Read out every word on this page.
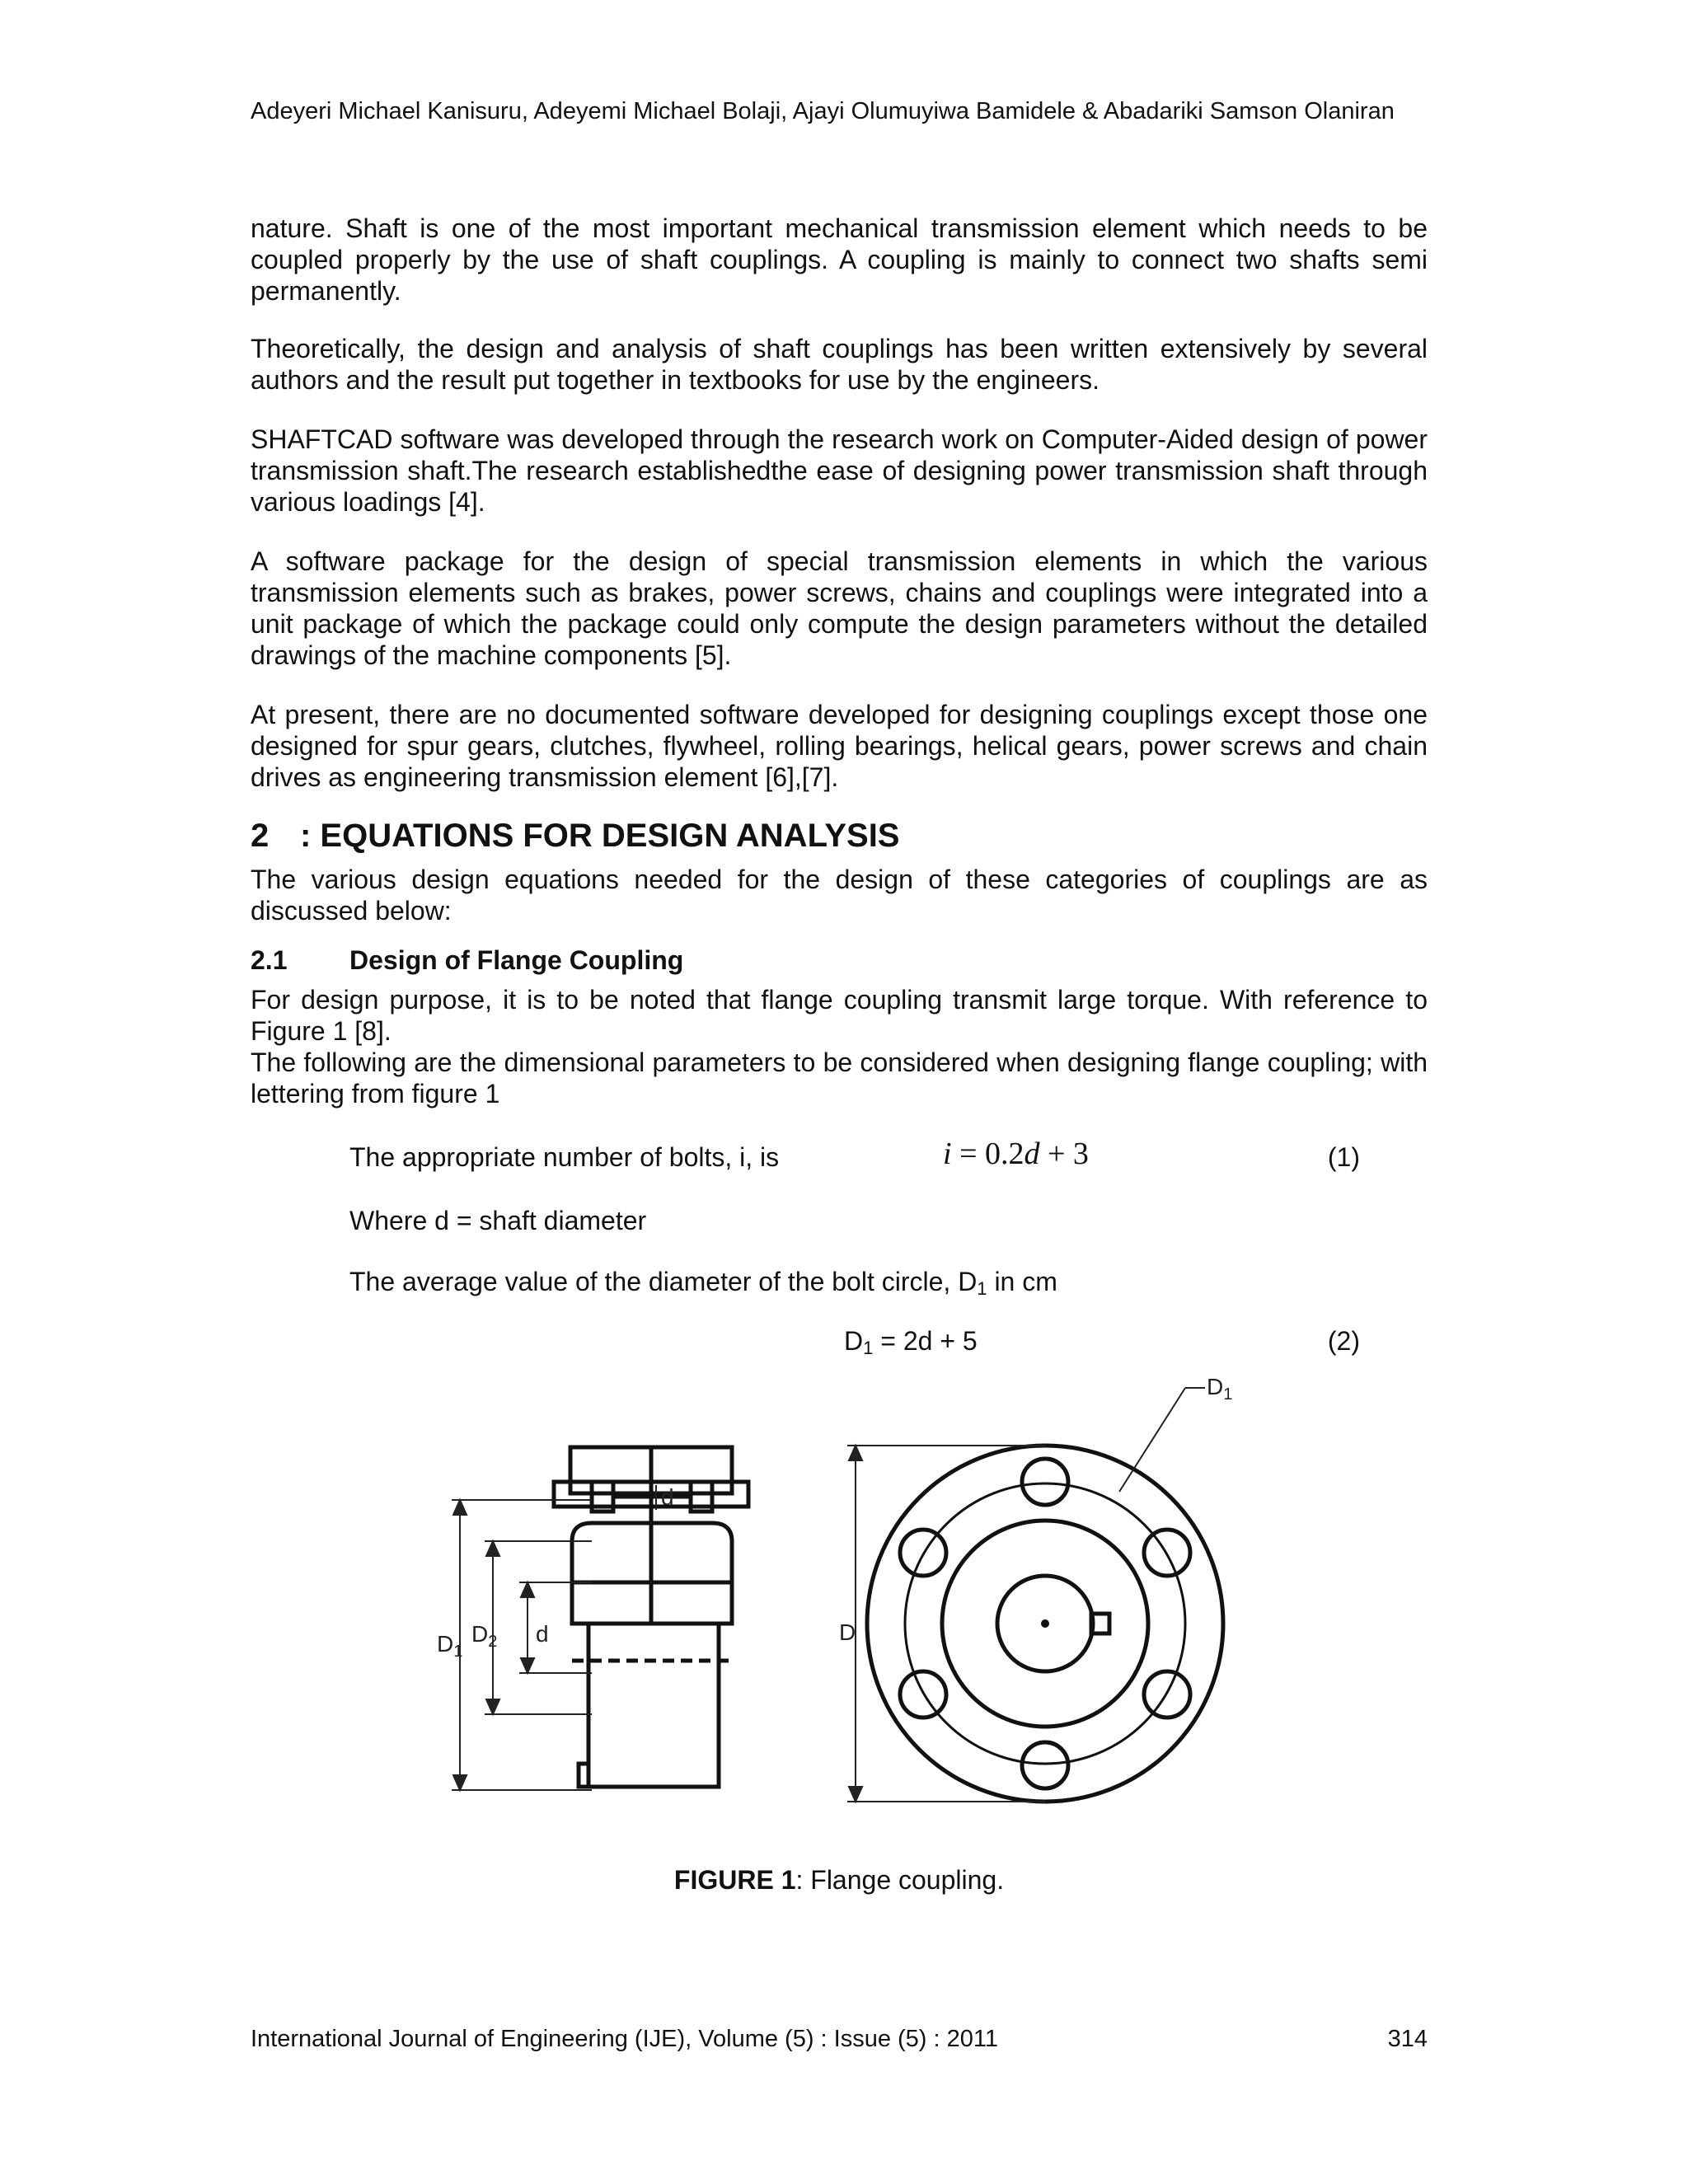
Adeyeri Michael Kanisuru, Adeyemi Michael Bolaji, Ajayi Olumuyiwa Bamidele & Abadariki Samson Olaniran

nature. Shaft is one of the most important mechanical transmission element which needs to be coupled properly by the use of shaft couplings. A coupling is mainly to connect two shafts semi permanently.

Theoretically, the design and analysis of shaft couplings has been written extensively by several authors and the result put together in textbooks for use by the engineers.

SHAFTCAD software was developed through the research work on Computer-Aided design of power transmission shaft.The research establishedthe ease of designing power transmission shaft through various loadings [4].

A software package for the design of special transmission elements in which the various transmission elements such as brakes, power screws, chains and couplings were integrated into a unit package of which the package could only compute the design parameters without the detailed drawings of the machine components [5].

At present, there are no documented software developed for designing couplings except those one designed for spur gears, clutches, flywheel, rolling bearings, helical gears, power screws and chain drives as engineering transmission element [6],[7].

2 : EQUATIONS FOR DESIGN ANALYSIS

The various design equations needed for the design of these categories of couplings are as discussed below:

2.1 Design of Flange Coupling

For design purpose, it is to be noted that flange coupling transmit large torque. With reference to Figure 1 [8].

The following are the dimensional parameters to be considered when designing flange coupling; with lettering from figure 1

The appropriate number of bolts, i, is	i = 0.2d + 3	(1)
Where d = shaft diameter
The average value of the diameter of the bolt circle, $D_1$ in cm
$D_1 = 2d + 5$	(2)
$D_1$
$D_2$ d
d
D
$D_1$
FIGURE 1: Flange coupling.
International Journal of Engineering (IJE), Volume (5) : Issue (5) : 2011	314
